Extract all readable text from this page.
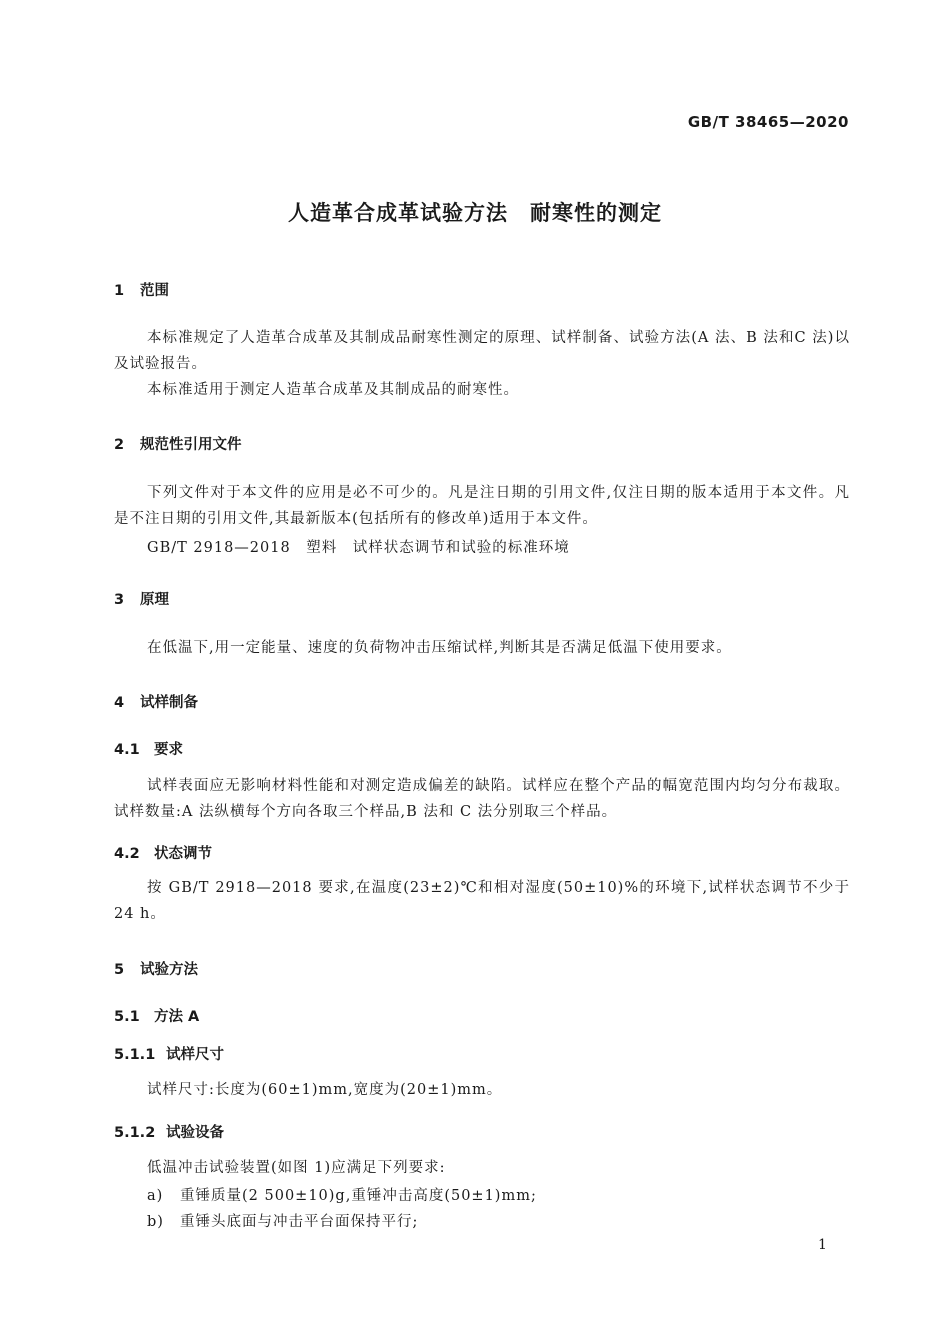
GB/T 38465—2020
人造革合成革试验方法　耐寒性的测定
1 范围
本标准规定了人造革合成革及其制成品耐寒性测定的原理、试样制备、试验方法(A 法、B 法和C 法)以及试验报告。
本标准适用于测定人造革合成革及其制成品的耐寒性。
2 规范性引用文件
下列文件对于本文件的应用是必不可少的。凡是注日期的引用文件,仅注日期的版本适用于本文件。凡是不注日期的引用文件,其最新版本(包括所有的修改单)适用于本文件。
GB/T 2918—2018　塑料　试样状态调节和试验的标准环境
3 原理
在低温下,用一定能量、速度的负荷物冲击压缩试样,判断其是否满足低温下使用要求。
4 试样制备
4.1 要求
试样表面应无影响材料性能和对测定造成偏差的缺陷。试样应在整个产品的幅宽范围内均匀分布裁取。试样数量:A 法纵横每个方向各取三个样品,B 法和 C 法分别取三个样品。
4.2 状态调节
按 GB/T 2918—2018 要求,在温度(23±2)℃和相对湿度(50±10)%的环境下,试样状态调节不少于 24 h。
5 试验方法
5.1 方法 A
5.1.1 试样尺寸
试样尺寸:长度为(60±1)mm,宽度为(20±1)mm。
5.1.2 试验设备
低温冲击试验装置(如图 1)应满足下列要求:
a) 重锤质量(2 500±10)g,重锤冲击高度(50±1)mm;
b) 重锤头底面与冲击平台面保持平行;
1
